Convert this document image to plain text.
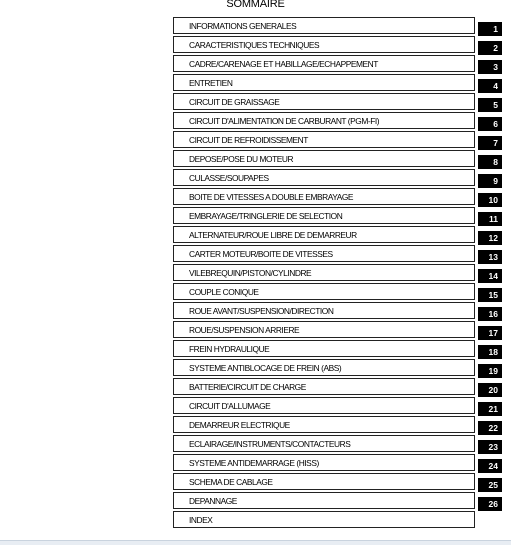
SOMMAIRE
INFORMATIONS GENERALES	1
CARACTERISTIQUES TECHNIQUES	2
CADRE/CARENAGE ET HABILLAGE/ECHAPPEMENT	3
ENTRETIEN	4
CIRCUIT DE GRAISSAGE	5
CIRCUIT D'ALIMENTATION DE CARBURANT (PGM-FI)	6
CIRCUIT DE REFROIDISSEMENT	7
DEPOSE/POSE DU MOTEUR	8
CULASSE/SOUPAPES	9
BOITE DE VITESSES A DOUBLE EMBRAYAGE	10
EMBRAYAGE/TRINGLERIE DE SELECTION	11
ALTERNATEUR/ROUE LIBRE DE DEMARREUR	12
CARTER MOTEUR/BOITE DE VITESSES	13
VILEBREQUIN/PISTON/CYLINDRE	14
COUPLE CONIQUE	15
ROUE AVANT/SUSPENSION/DIRECTION	16
ROUE/SUSPENSION ARRIERE	17
FREIN HYDRAULIQUE	18
SYSTEME ANTIBLOCAGE DE FREIN (ABS)	19
BATTERIE/CIRCUIT DE CHARGE	20
CIRCUIT D'ALLUMAGE	21
DEMARREUR ELECTRIQUE	22
ECLAIRAGE/INSTRUMENTS/CONTACTEURS	23
SYSTEME ANTIDEMARRAGE (HISS)	24
SCHEMA DE CABLAGE	25
DEPANNAGE	26
INDEX
